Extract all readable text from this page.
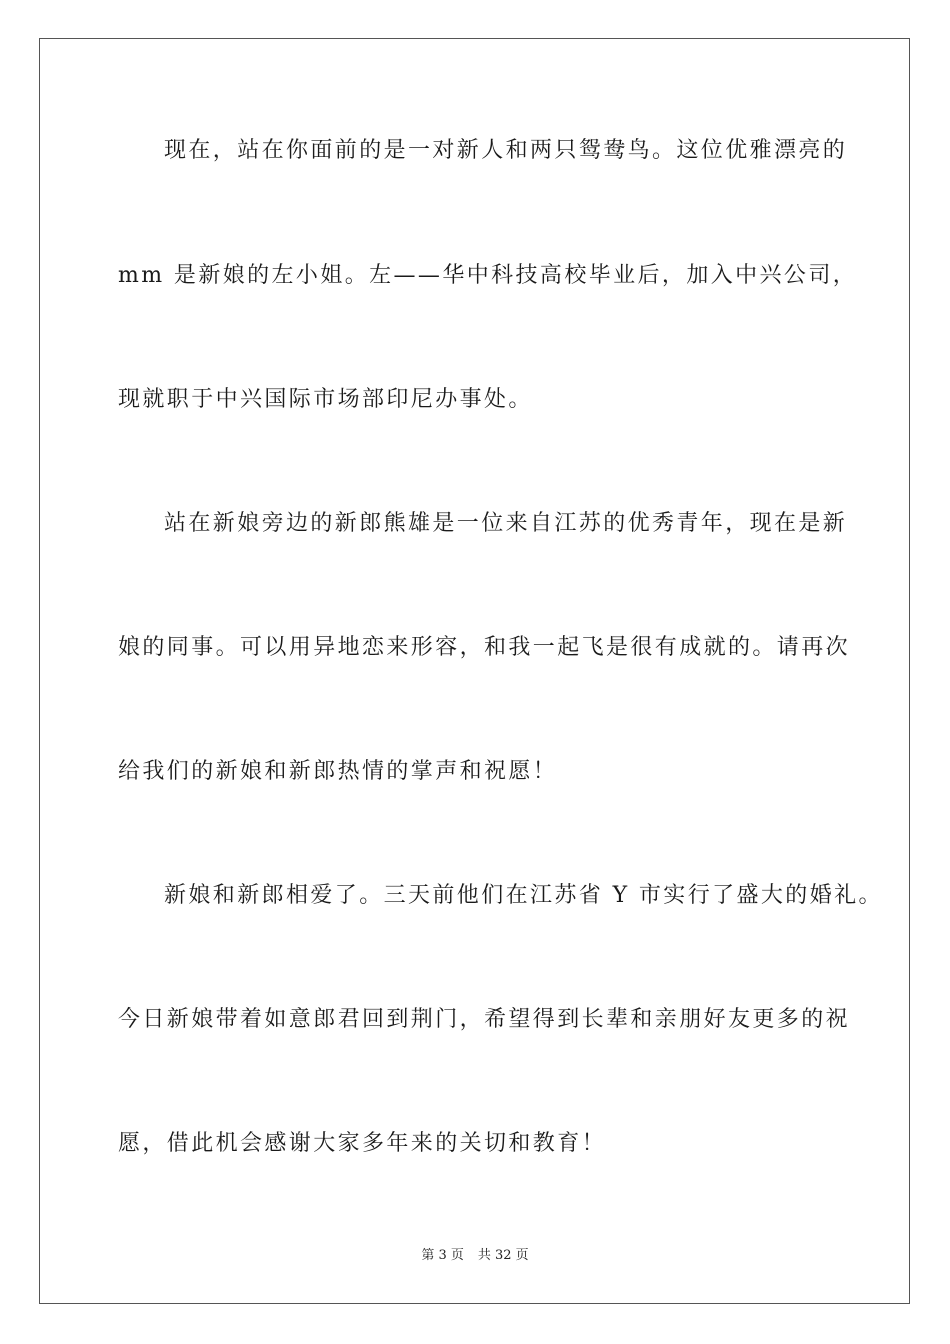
现在，站在你面前的是一对新人和两只鸳鸯鸟。这位优雅漂亮的
mm 是新娘的左小姐。左——华中科技高校毕业后，加入中兴公司，
现就职于中兴国际市场部印尼办事处。
站在新娘旁边的新郎熊雄是一位来自江苏的优秀青年，现在是新
娘的同事。可以用异地恋来形容，和我一起飞是很有成就的。请再次
给我们的新娘和新郎热情的掌声和祝愿！
新娘和新郎相爱了。三天前他们在江苏省 Y 市实行了盛大的婚礼。
今日新娘带着如意郎君回到荆门，希望得到长辈和亲朋好友更多的祝
愿，借此机会感谢大家多年来的关切和教育！
第 3 页 共 32 页
